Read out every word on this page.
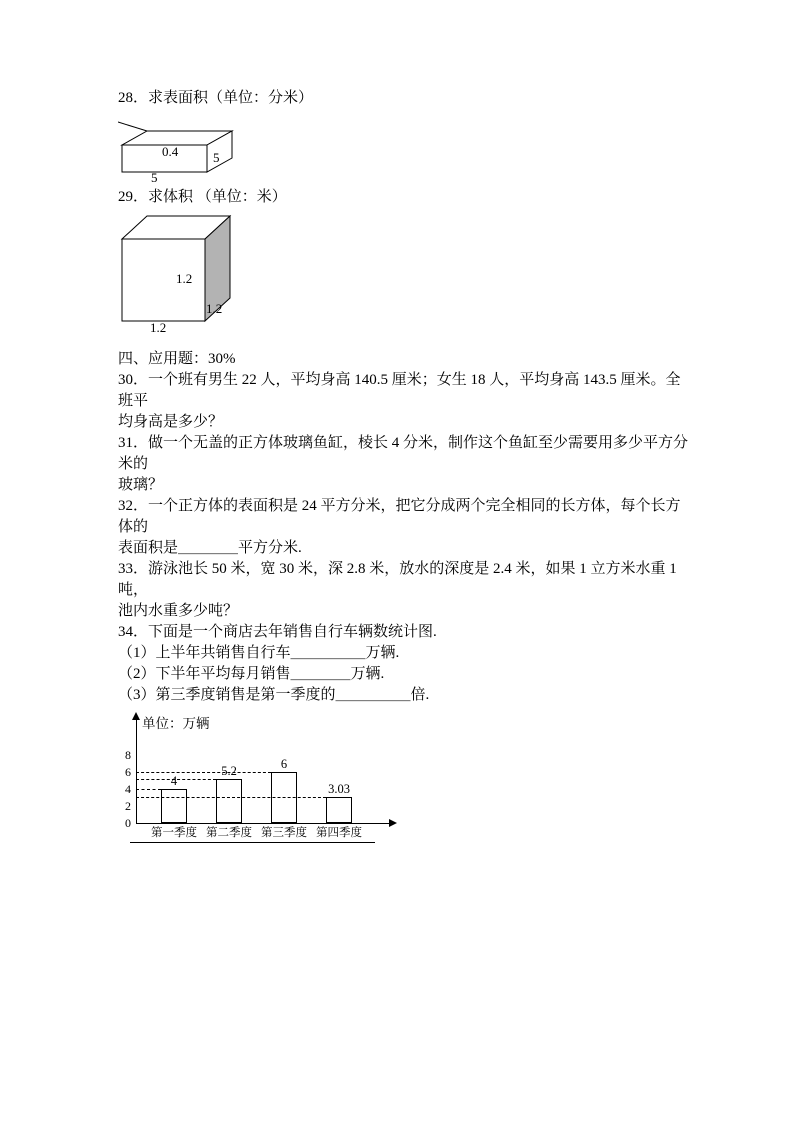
28．求表面积（单位：分米）

0.4	5
5

29．求体积 （单位：米）

1.2
1.2
1.2

四、应用题：30%

30．一个班有男生 22 人，平均身高 140.5 厘米；女生 18 人，平均身高 143.5 厘米。全班平

均身高是多少？

31．做一个无盖的正方体玻璃鱼缸，棱长 4 分米，制作这个鱼缸至少需要用多少平方分米的

玻璃？

32．一个正方体的表面积是 24 平方分米，把它分成两个完全相同的长方体，每个长方体的

表面积是＿＿＿＿平方分米.

33．游泳池长 50 米，宽 30 米，深 2.8 米，放水的深度是 2.4 米，如果 1 立方米水重 1 吨，

池内水重多少吨？

34．下面是一个商店去年销售自行车辆数统计图.

（1）上半年共销售自行车＿＿＿＿＿万辆.

（2）下半年平均每月销售＿＿＿＿万辆.

（3）第三季度销售是第一季度的＿＿＿＿＿倍.

单位：万辆
0
2
4
6
8
4
第一季度
5.2
第二季度
6
第三季度
3.03
第四季度
